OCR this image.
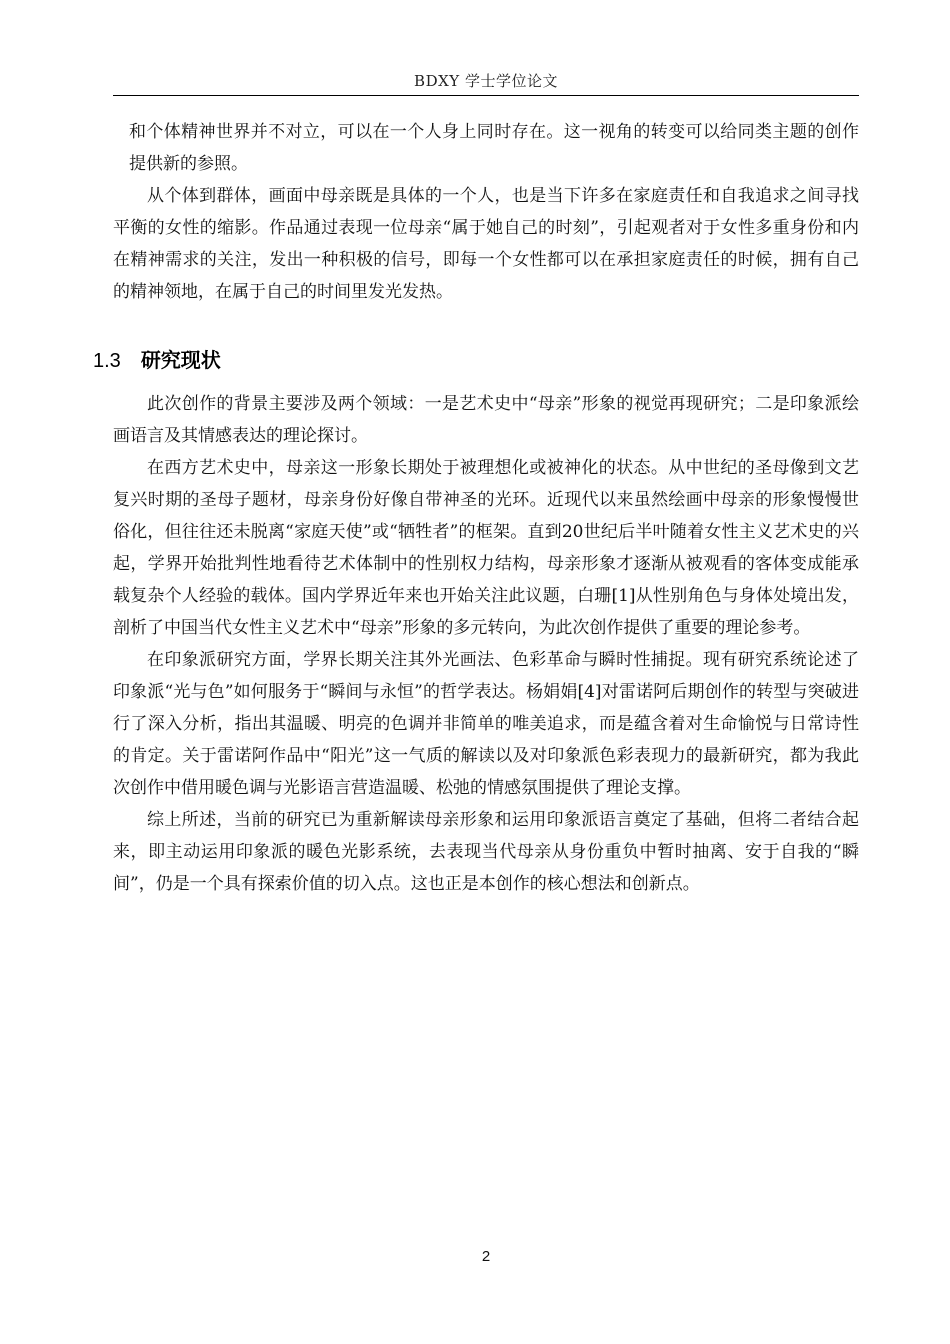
BDXY 学士学位论文

和个体精神世界并不对立，可以在一个人身上同时存在。这一视角的转变可以给同类主题的创作提供新的参照。

从个体到群体，画面中母亲既是具体的一个人，也是当下许多在家庭责任和自我追求之间寻找平衡的女性的缩影。作品通过表现一位母亲“属于她自己的时刻”，引起观者对于女性多重身份和内在精神需求的关注，发出一种积极的信号，即每一个女性都可以在承担家庭责任的时候，拥有自己的精神领地，在属于自己的时间里发光发热。

1.3 研究现状

此次创作的背景主要涉及两个领域：一是艺术史中“母亲”形象的视觉再现研究；二是印象派绘画语言及其情感表达的理论探讨。

在西方艺术史中，母亲这一形象长期处于被理想化或被神化的状态。从中世纪的圣母像到文艺复兴时期的圣母子题材，母亲身份好像自带神圣的光环。近现代以来虽然绘画中母亲的形象慢慢世俗化，但往往还未脱离“家庭天使”或“牺牲者”的框架。直到20世纪后半叶随着女性主义艺术史的兴起，学界开始批判性地看待艺术体制中的性别权力结构，母亲形象才逐渐从被观看的客体变成能承载复杂个人经验的载体。国内学界近年来也开始关注此议题，白珊[1]从性别角色与身体处境出发，剖析了中国当代女性主义艺术中“母亲”形象的多元转向，为此次创作提供了重要的理论参考。

在印象派研究方面，学界长期关注其外光画法、色彩革命与瞬时性捕捉。现有研究系统论述了印象派“光与色”如何服务于“瞬间与永恒”的哲学表达。杨娟娟[4]对雷诺阿后期创作的转型与突破进行了深入分析，指出其温暖、明亮的色调并非简单的唯美追求，而是蕴含着对生命愉悦与日常诗性的肯定。关于雷诺阿作品中“阳光”这一气质的解读以及对印象派色彩表现力的最新研究，都为我此次创作中借用暖色调与光影语言营造温暖、松弛的情感氛围提供了理论支撑。

综上所述，当前的研究已为重新解读母亲形象和运用印象派语言奠定了基础，但将二者结合起来，即主动运用印象派的暖色光影系统，去表现当代母亲从身份重负中暂时抽离、安于自我的“瞬间”，仍是一个具有探索价值的切入点。这也正是本创作的核心想法和创新点。

2
